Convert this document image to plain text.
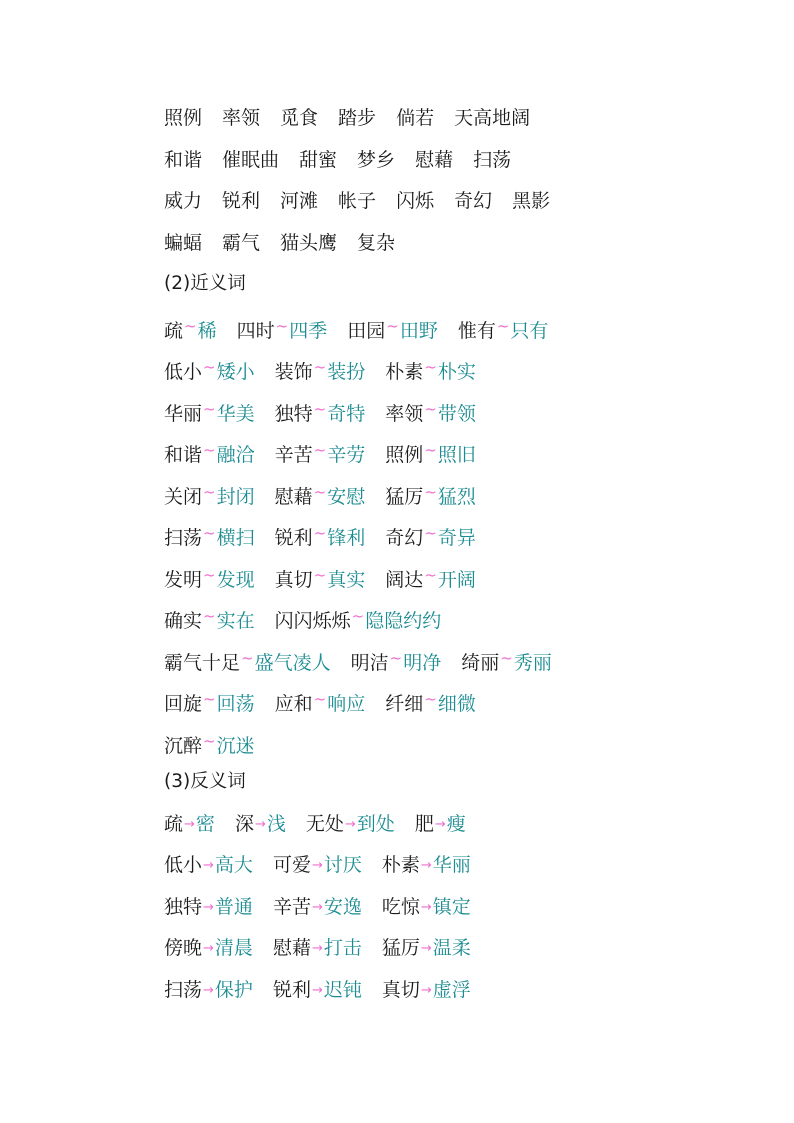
照例 率领 觅食 踏步 倘若 天高地阔
和谐 催眠曲 甜蜜 梦乡 慰藉 扫荡
威力 锐利 河滩 帐子 闪烁 奇幻 黑影
蝙蝠 霸气 猫头鹰 复杂
(2)近义词
疏~稀 四时~四季 田园~田野 惟有~只有
低小~矮小 装饰~装扮 朴素~朴实
华丽~华美 独特~奇特 率领~带领
和谐~融洽 辛苦~辛劳 照例~照旧
关闭~封闭 慰藉~安慰 猛厉~猛烈
扫荡~横扫 锐利~锋利 奇幻~奇异
发明~发现 真切~真实 阔达~开阔
确实~实在 闪闪烁烁~隐隐约约
霸气十足~盛气凌人 明洁~明净 绮丽~秀丽
回旋~回荡 应和~响应 纤细~细微
沉醉~沉迷
(3)反义词
疏→密 深→浅 无处→到处 肥→瘦
低小→高大 可爱→讨厌 朴素→华丽
独特→普通 辛苦→安逸 吃惊→镇定
傍晚→清晨 慰藉→打击 猛厉→温柔
扫荡→保护 锐利→迟钝 真切→虚浮
